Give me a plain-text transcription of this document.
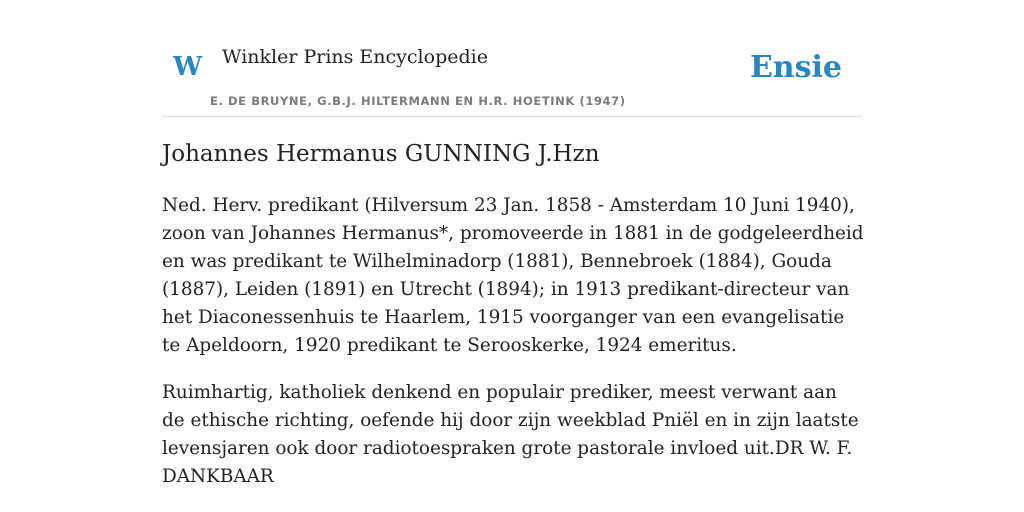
W Winkler Prins Encyclopedie
E. DE BRUYNE, G.B.J. HILTERMANN EN H.R. HOETINK (1947)
Ensie
Johannes Hermanus GUNNING J.Hzn

Ned. Herv. predikant (Hilversum 23 Jan. 1858 - Amsterdam 10 Juni 1940), zoon van Johannes Hermanus*, promoveerde in 1881 in de godgeleerdheid en was predikant te Wilhelminadorp (1881), Bennebroek (1884), Gouda (1887), Leiden (1891) en Utrecht (1894); in 1913 predikant-directeur van het Diaconessenhuis te Haarlem, 1915 voorganger van een evangelisatie te Apeldoorn, 1920 predikant te Serooskerke, 1924 emeritus.

Ruimhartig, katholiek denkend en populair prediker, meest verwant aan de ethische richting, oefende hij door zijn weekblad Pniël en in zijn laatste levensjaren ook door radiotoespraken grote pastorale invloed uit.DR W. F. DANKBAAR
